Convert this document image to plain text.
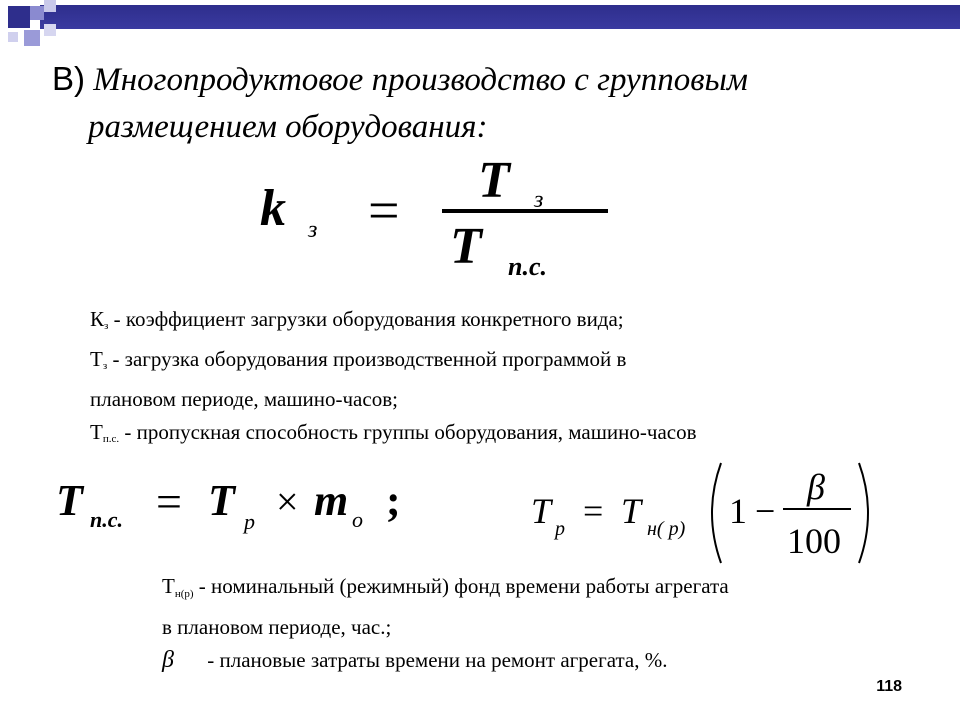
В) Многопродуктовое производство с групповым
размещением оборудования:
k з = T з
T п.с.
$К_з$ - коэффициент загрузки оборудования конкретного вида;
$Т_з$ - загрузка оборудования производственной программой в
плановом периоде, машино-часов;
$Т_{п.с.}$ - пропускная способность группы оборудования, машино-часов
T п.с. = T p × m o ;	T p = T н( p) 1 −
β
100
$Т_{н(р)}$ - номинальный (режимный) фонд времени работы агрегата
в плановом периоде, час.;
β - плановые затраты времени на ремонт агрегата, %.
118
